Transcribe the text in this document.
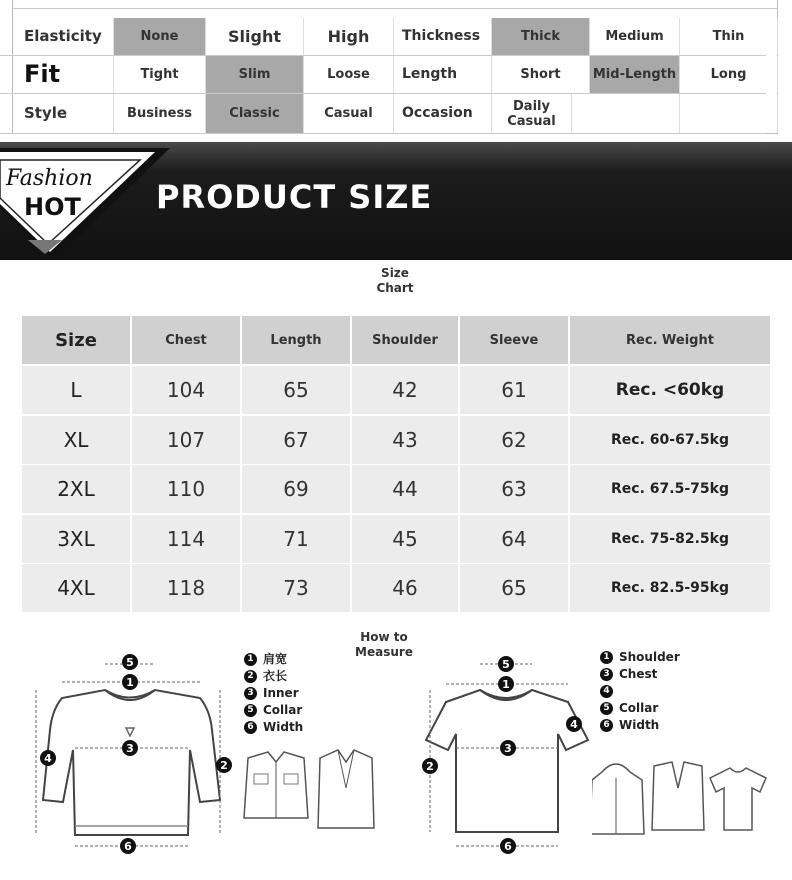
Elasticity	None	Slight	High	Thickness	Thick	Medium	Thin
Fit	Tight	Slim	Loose	Length	Short	Mid-Length	Long
Style	Business	Classic	Casual	Occasion	Daily Casual
Fashion
HOT PRODUCT SIZE
Size
Chart
Size	Chest	Length	Shoulder	Sleeve	Rec. Weight
L	104	65	42	61	Rec. <60kg
XL	107	67	43	62	Rec. 60-67.5kg
2XL	110	69	44	63	Rec. 67.5-75kg
3XL	114	71	45	64	Rec. 75-82.5kg
4XL	118	73	46	65	Rec. 82.5-95kg
How to
Measure
5
1
3
6
2
4
1 肩宽
2 衣长
3 Inner
5 Collar
6 Width
5
1
3
6
2
4
1 Shoulder
3 Chest
4
5 Collar
6 Width
